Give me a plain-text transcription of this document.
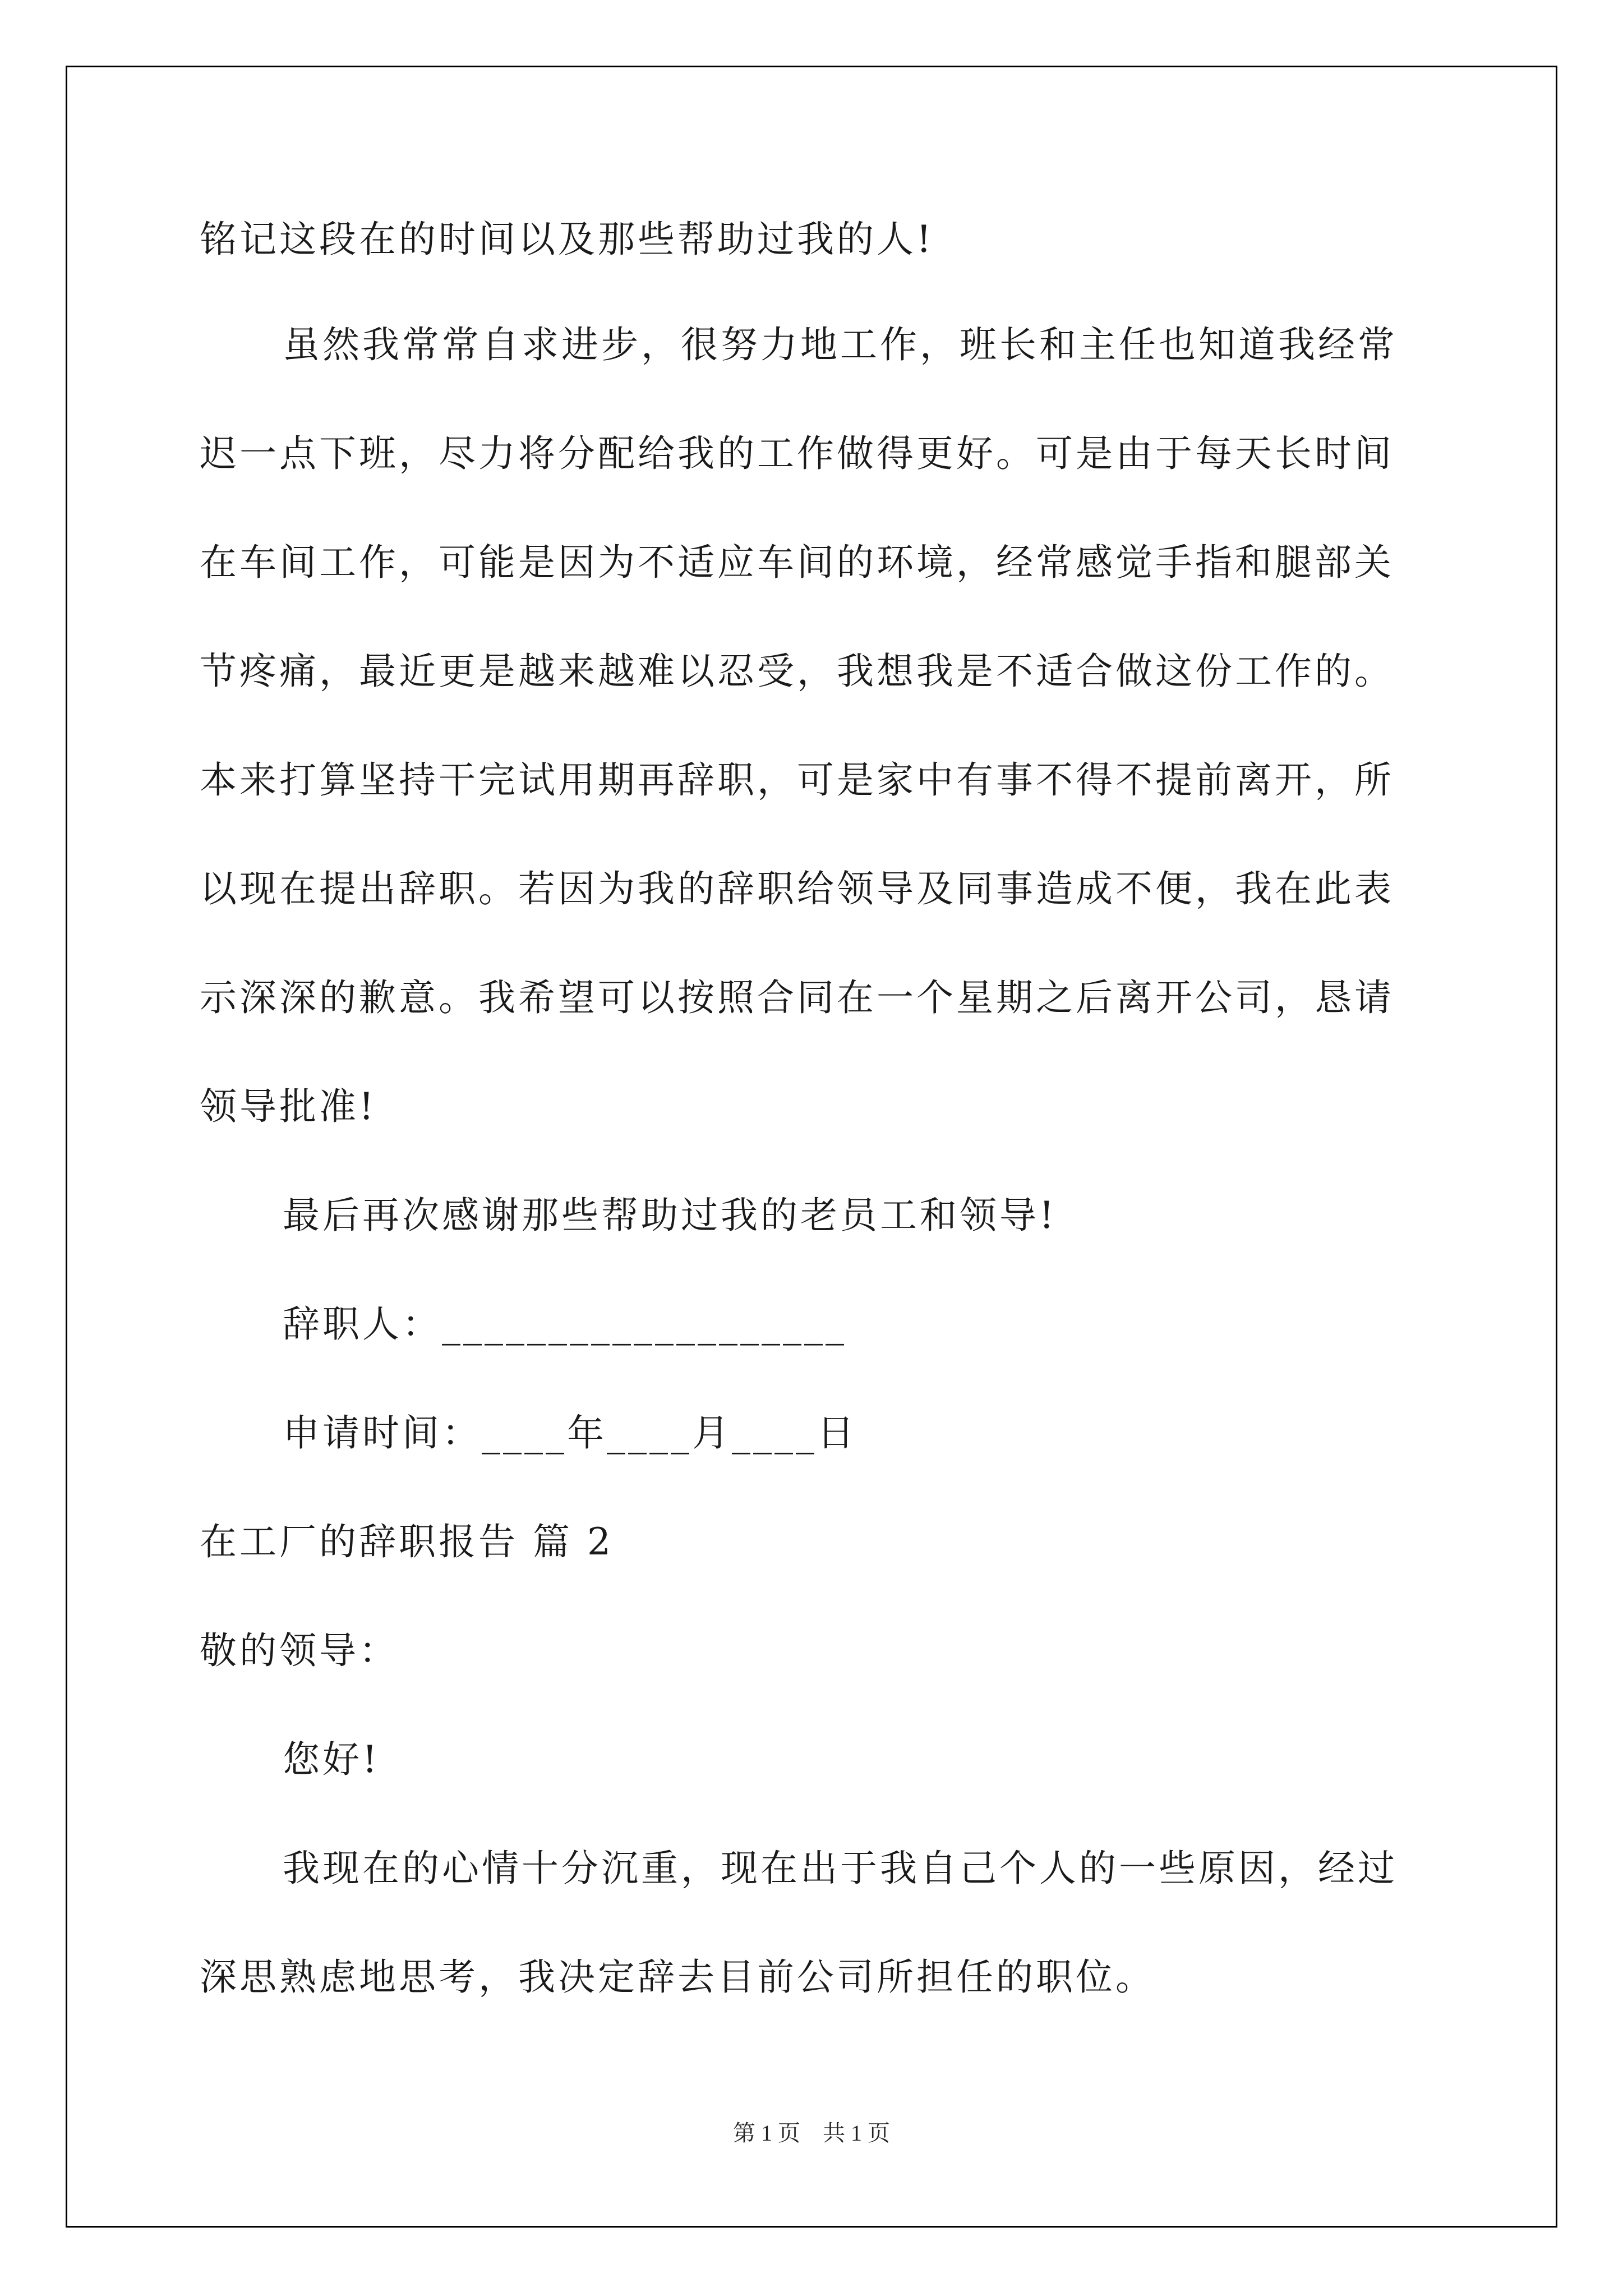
铭记这段在的时间以及那些帮助过我的人!
虽然我常常自求进步，很努力地工作，班长和主任也知道我经常
迟一点下班，尽力将分配给我的工作做得更好。可是由于每天长时间
在车间工作，可能是因为不适应车间的环境，经常感觉手指和腿部关
节疼痛，最近更是越来越难以忍受，我想我是不适合做这份工作的。
本来打算坚持干完试用期再辞职，可是家中有事不得不提前离开，所
以现在提出辞职。若因为我的辞职给领导及同事造成不便，我在此表
示深深的歉意。我希望可以按照合同在一个星期之后离开公司，恳请
领导批准!
最后再次感谢那些帮助过我的老员工和领导!
辞职人：___________________
申请时间：____年____月____日
在工厂的辞职报告 篇 2
敬的领导：
您好!
我现在的心情十分沉重，现在出于我自己个人的一些原因，经过
深思熟虑地思考，我决定辞去目前公司所担任的职位。
第 1 页　共 1 页
